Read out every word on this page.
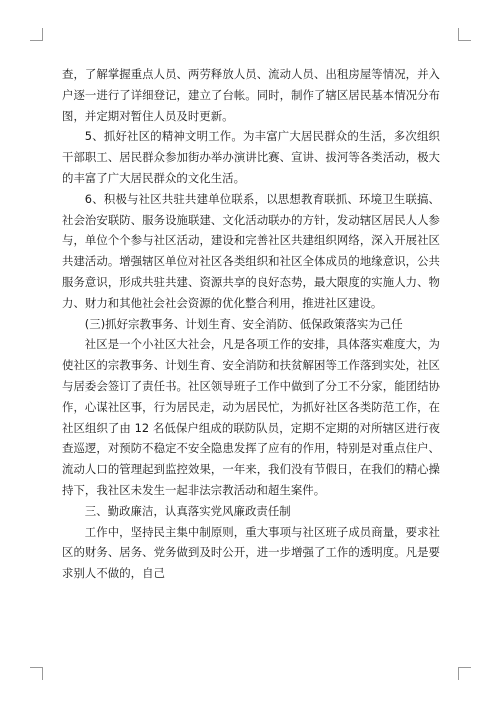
查，了解掌握重点人员、两劳释放人员、流动人员、出租房屋等情况，并入户逐一进行了详细登记，建立了台帐。同时，制作了辖区居民基本情况分布图，并定期对暂住人员及时更新。

5、抓好社区的精神文明工作。为丰富广大居民群众的生活，多次组织干部职工、居民群众参加街办举办演讲比赛、宣讲、拔河等各类活动，极大的丰富了广大居民群众的文化生活。

6、积极与社区共驻共建单位联系，以思想教育联抓、环境卫生联搞、社会治安联防、服务设施联建、文化活动联办的方针，发动辖区居民人人参与，单位个个参与社区活动，建设和完善社区共建组织网络，深入开展社区共建活动。增强辖区单位对社区各类组织和社区全体成员的地缘意识，公共服务意识，形成共驻共建、资源共享的良好态势，最大限度的实施人力、物力、财力和其他社会社会资源的优化整合利用，推进社区建设。

(三)抓好宗教事务、计划生育、安全消防、低保政策落实为己任

社区是一个小社区大社会，凡是各项工作的安排，具体落实难度大，为使社区的宗教事务、计划生育、安全消防和扶贫解困等工作落到实处，社区与居委会签订了责任书。社区领导班子工作中做到了分工不分家，能团结协作，心谋社区事，行为居民走，动为居民忙，为抓好社区各类防范工作，在社区组织了由 12 名低保户组成的联防队员，定期不定期的对所辖区进行夜查巡逻，对预防不稳定不安全隐患发挥了应有的作用，特别是对重点住户、流动人口的管理起到监控效果，一年来，我们没有节假日，在我们的精心操持下，我社区未发生一起非法宗教活动和超生案件。

三、勤政廉洁，认真落实党风廉政责任制

工作中，坚持民主集中制原则，重大事项与社区班子成员商量，要求社区的财务、居务、党务做到及时公开，进一步增强了工作的透明度。凡是要求别人不做的，自己
